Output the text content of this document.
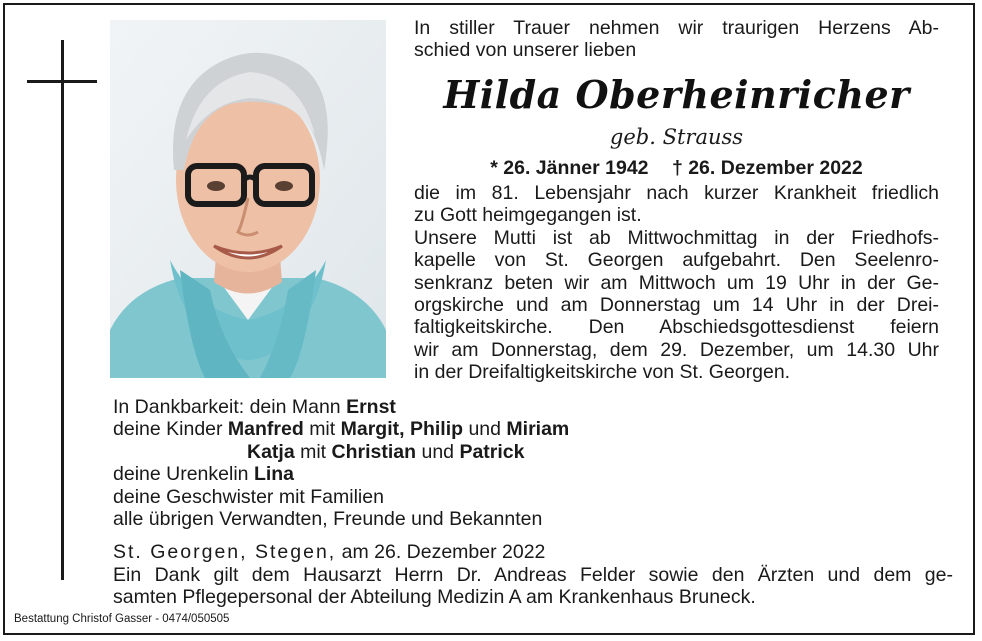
In stiller Trauer nehmen wir traurigen Herzens Ab-
schied von unserer lieben

Hilda Oberheinricher
geb. Strauss
* 26. Jänner 1942 † 26. Dezember 2022

die im 81. Lebensjahr nach kurzer Krankheit friedlich
zu Gott heimgegangen ist.
Unsere Mutti ist ab Mittwochmittag in der Friedhofs-
kapelle von St. Georgen aufgebahrt. Den Seelenro-
senkranz beten wir am Mittwoch um 19 Uhr in der Ge-
orgskirche und am Donnerstag um 14 Uhr in der Drei-
faltigkeitskirche. Den Abschiedsgottesdienst feiern
wir am Donnerstag, dem 29. Dezember, um 14.30 Uhr
in der Dreifaltigkeitskirche von St. Georgen.

In Dankbarkeit: dein Mann Ernst
deine Kinder Manfred mit Margit, Philip und Miriam
Katja mit Christian und Patrick
deine Urenkelin Lina
deine Geschwister mit Familien
alle übrigen Verwandten, Freunde und Bekannten

St. Georgen, Stegen, am 26. Dezember 2022

Ein Dank gilt dem Hausarzt Herrn Dr. Andreas Felder sowie den Ärzten und dem ge-
samten Pflegepersonal der Abteilung Medizin A am Krankenhaus Bruneck.

Bestattung Christof Gasser - 0474/050505
